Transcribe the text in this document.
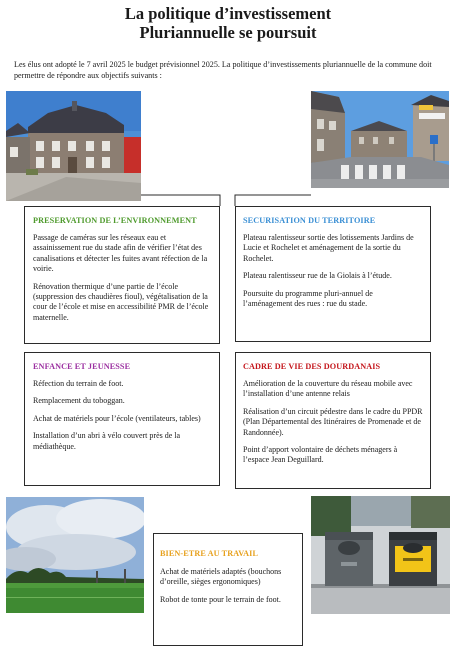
La politique d’investissement
Pluriannuelle se poursuit
Les élus ont adopté le 7 avril 2025 le budget prévisionnel 2025. La politique d’investissements pluriannuelle de la commune doit permettre de répondre aux objectifs suivants :
PRESERVATION DE L’ENVIRONNEMENT

Passage de caméras sur les réseaux eau et assainissement rue du stade afin de vérifier l’état des canalisations et détecter les fuites avant réfection de la voirie.

Rénovation thermique d’une partie de l’école (suppression des chaudières fioul), végétalisation de la cour de l’école et mise en accessibilité PMR de l’école maternelle.

SECURISATION DU TERRITOIRE

Plateau ralentisseur sortie des lotissements Jardins de Lucie et Rochelet et aménagement de la sortie du Rochelet.

Plateau ralentisseur rue de la Giolais à l’étude.

Poursuite du programme pluri-annuel de l’aménagement des rues : rue du stade.

ENFANCE ET JEUNESSE

Réfection du terrain de foot.

Remplacement du toboggan.

Achat de matériels pour l’école (ventilateurs, tables)

Installation d’un abri à vélo couvert près de la médiathèque.

CADRE DE VIE DES DOURDANAIS

Amélioration de la couverture du réseau mobile avec l’installation d’une antenne relais

Réalisation d’un circuit pédestre dans le cadre du PPDR (Plan Départemental des Itinéraires de Promenade et de Randonnée).

Point d’apport volontaire de déchets ménagers à l’espace Jean Deguillard.

BIEN-ETRE AU TRAVAIL

Achat de matériels adaptés (bouchons d’oreille, sièges ergonomiques)

Robot de tonte pour le terrain de foot.
